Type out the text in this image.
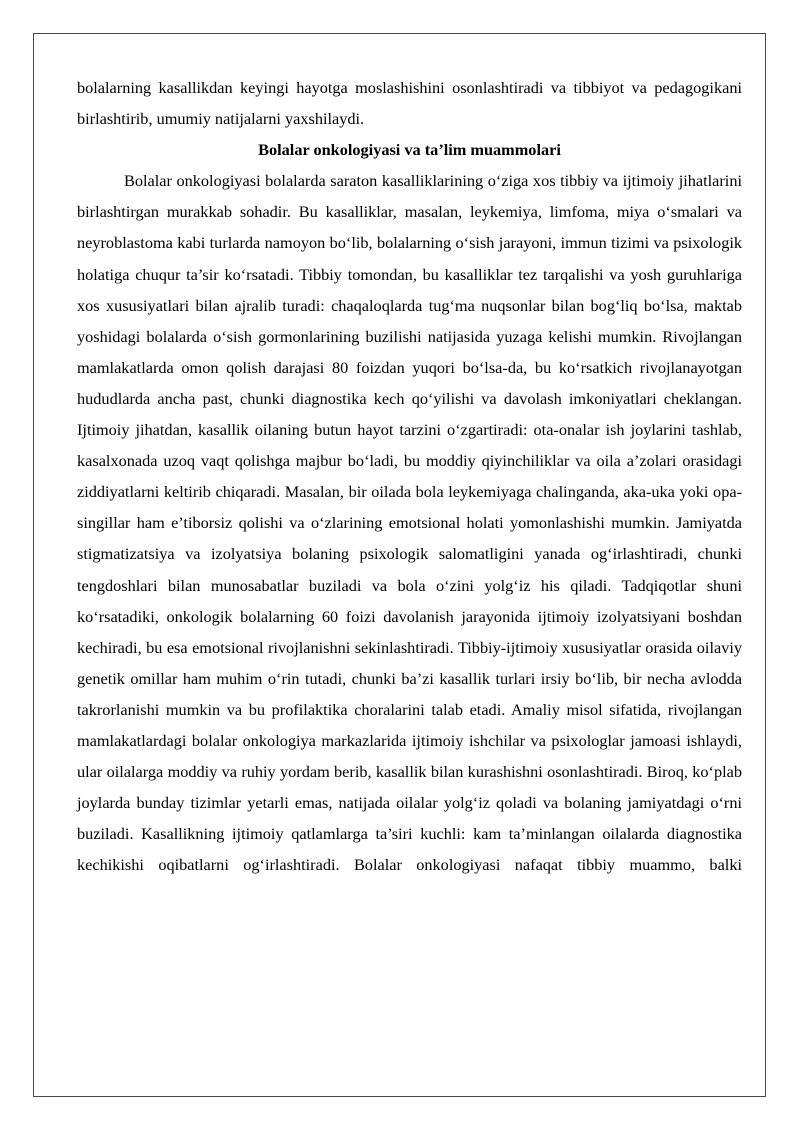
bolalarning kasallikdan keyingi hayotga moslashishini osonlashtiradi va tibbiyot va pedagogikani birlashtirib, umumiy natijalarni yaxshilaydi.

Bolalar onkologiyasi va ta’lim muammolari

Bolalar onkologiyasi bolalarda saraton kasalliklarining o‘ziga xos tibbiy va ijtimoiy jihatlarini birlashtirgan murakkab sohadir. Bu kasalliklar, masalan, leykemiya, limfoma, miya o‘smalari va neyroblastoma kabi turlarda namoyon bo‘lib, bolalarning o‘sish jarayoni, immun tizimi va psixologik holatiga chuqur ta’sir ko‘rsatadi. Tibbiy tomondan, bu kasalliklar tez tarqalishi va yosh guruhlariga xos xususiyatlari bilan ajralib turadi: chaqaloqlarda tug‘ma nuqsonlar bilan bog‘liq bo‘lsa, maktab yoshidagi bolalarda o‘sish gormonlarining buzilishi natijasida yuzaga kelishi mumkin. Rivojlangan mamlakatlarda omon qolish darajasi 80 foizdan yuqori bo‘lsa-da, bu ko‘rsatkich rivojlanayotgan hududlarda ancha past, chunki diagnostika kech qo‘yilishi va davolash imkoniyatlari cheklangan. Ijtimoiy jihatdan, kasallik oilaning butun hayot tarzini o‘zgartiradi: ota-onalar ish joylarini tashlab, kasalxonada uzoq vaqt qolishga majbur bo‘ladi, bu moddiy qiyinchiliklar va oila a’zolari orasidagi ziddiyatlarni keltirib chiqaradi. Masalan, bir oilada bola leykemiyaga chalinganda, aka-uka yoki opa-singillar ham e’tiborsiz qolishi va o‘zlarining emotsional holati yomonlashishi mumkin. Jamiyatda stigmatizatsiya va izolyatsiya bolaning psixologik salomatligini yanada og‘irlashtiradi, chunki tengdoshlari bilan munosabatlar buziladi va bola o‘zini yolg‘iz his qiladi. Tadqiqotlar shuni ko‘rsatadiki, onkologik bolalarning 60 foizi davolanish jarayonida ijtimoiy izolyatsiyani boshdan kechiradi, bu esa emotsional rivojlanishni sekinlashtiradi. Tibbiy-ijtimoiy xususiyatlar orasida oilaviy genetik omillar ham muhim o‘rin tutadi, chunki ba’zi kasallik turlari irsiy bo‘lib, bir necha avlodda takrorlanishi mumkin va bu profilaktika choralarini talab etadi. Amaliy misol sifatida, rivojlangan mamlakatlardagi bolalar onkologiya markazlarida ijtimoiy ishchilar va psixologlar jamoasi ishlaydi, ular oilalarga moddiy va ruhiy yordam berib, kasallik bilan kurashishni osonlashtiradi. Biroq, ko‘plab joylarda bunday tizimlar yetarli emas, natijada oilalar yolg‘iz qoladi va bolaning jamiyatdagi o‘rni buziladi. Kasallikning ijtimoiy qatlamlarga ta’siri kuchli: kam ta’minlangan oilalarda diagnostika kechikishi oqibatlarni og‘irlashtiradi. Bolalar onkologiyasi nafaqat tibbiy muammo, balki
